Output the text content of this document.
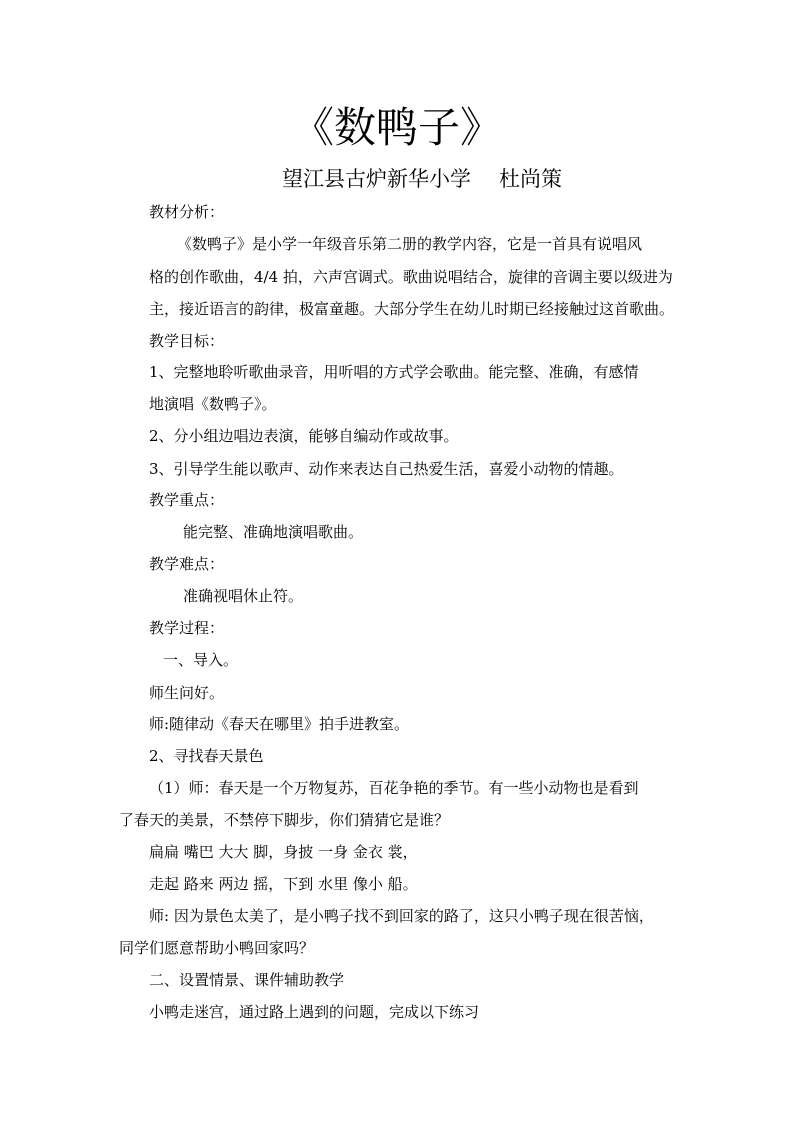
《数鸭子》
望江县古炉新华小学 杜尚策
教材分析：
《数鸭子》是小学一年级音乐第二册的教学内容，它是一首具有说唱风
格的创作歌曲，4/4 拍，六声宫调式。歌曲说唱结合，旋律的音调主要以级进为
主，接近语言的韵律，极富童趣。大部分学生在幼儿时期已经接触过这首歌曲。
教学目标：
1、完整地聆听歌曲录音，用听唱的方式学会歌曲。能完整、准确，有感情
地演唱《数鸭子》。
2、分小组边唱边表演，能够自编动作或故事。
3、引导学生能以歌声、动作来表达自己热爱生活，喜爱小动物的情趣。
教学重点：
能完整、准确地演唱歌曲。
教学难点：
准确视唱休止符。
教学过程：
一、导入。
师生问好。
师:随律动《春天在哪里》拍手进教室。
2、寻找春天景色
（1）师：春天是一个万物复苏，百花争艳的季节。有一些小动物也是看到
了春天的美景，不禁停下脚步，你们猜猜它是谁？
扁扁 嘴巴 大大 脚，身披 一身 金衣 裳，
走起 路来 两边 摇，下到 水里 像小 船。
师: 因为景色太美了，是小鸭子找不到回家的路了，这只小鸭子现在很苦恼，
同学们愿意帮助小鸭回家吗？
二、设置情景、课件辅助教学
小鸭走迷宫，通过路上遇到的问题，完成以下练习
